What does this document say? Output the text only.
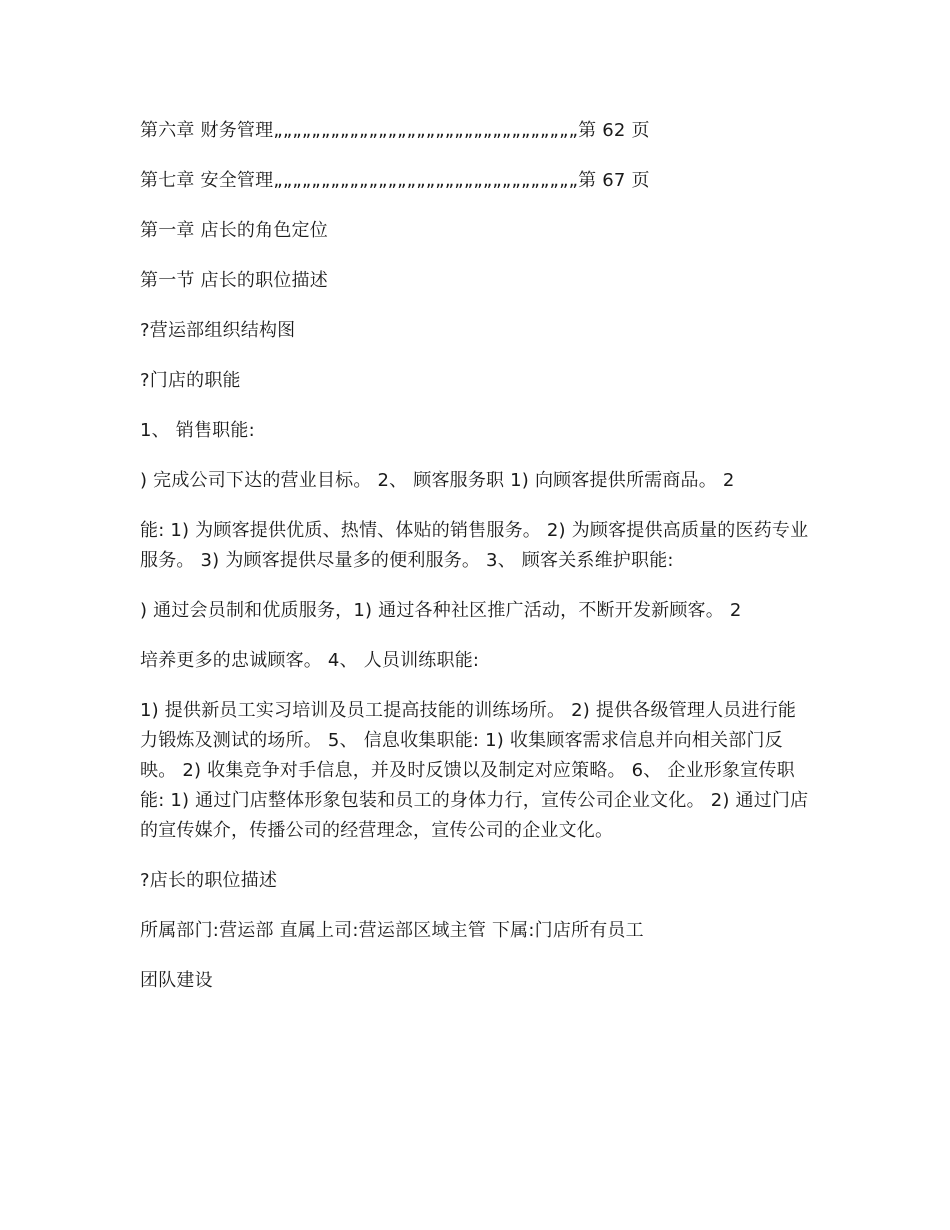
第六章 财务管理„„„„„„„„„„„„„„„„„„„„„„„„„„„„„„„„第 62 页

第七章 安全管理„„„„„„„„„„„„„„„„„„„„„„„„„„„„„„„„第 67 页

第一章 店长的角色定位

第一节 店长的职位描述

?营运部组织结构图

?门店的职能

1、 销售职能:

) 完成公司下达的营业目标。 2、 顾客服务职 1) 向顾客提供所需商品。 2

能: 1) 为顾客提供优质、热情、体贴的销售服务。 2) 为顾客提供高质量的医药专业服务。 3) 为顾客提供尽量多的便利服务。 3、 顾客关系维护职能:

) 通过会员制和优质服务，1) 通过各种社区推广活动，不断开发新顾客。 2

培养更多的忠诚顾客。 4、 人员训练职能:

1) 提供新员工实习培训及员工提高技能的训练场所。 2) 提供各级管理人员进行能力锻炼及测试的场所。 5、 信息收集职能: 1) 收集顾客需求信息并向相关部门反映。 2) 收集竞争对手信息，并及时反馈以及制定对应策略。 6、 企业形象宣传职能: 1) 通过门店整体形象包装和员工的身体力行，宣传公司企业文化。 2) 通过门店的宣传媒介，传播公司的经营理念，宣传公司的企业文化。

?店长的职位描述

所属部门:营运部 直属上司:营运部区域主管 下属:门店所有员工

团队建设
